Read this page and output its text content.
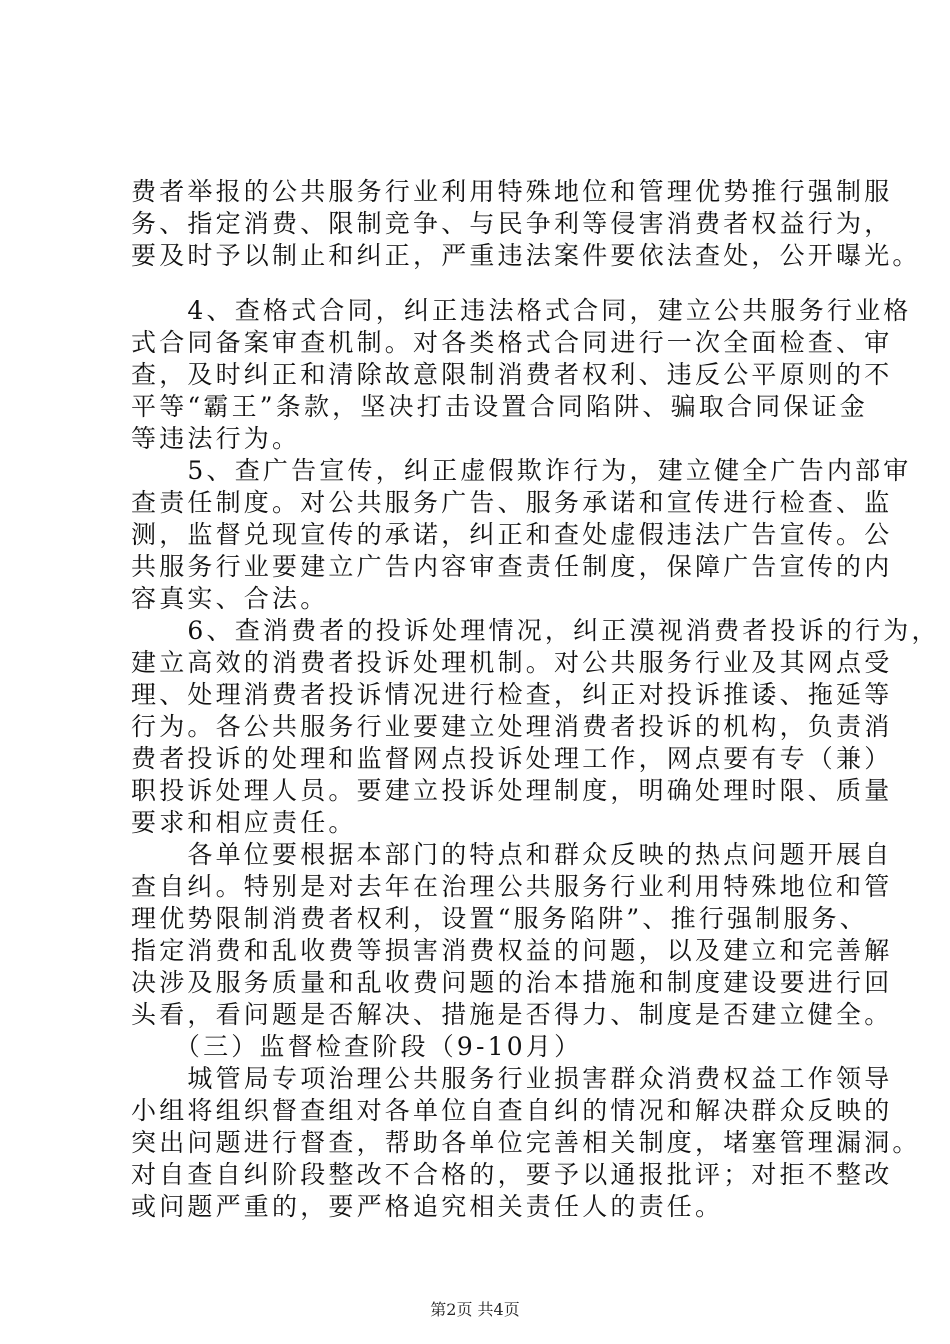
费者举报的公共服务行业利用特殊地位和管理优势推行强制服
务、指定消费、限制竞争、与民争利等侵害消费者权益行为，
要及时予以制止和纠正，严重违法案件要依法查处，公开曝光。
　　4、查格式合同，纠正违法格式合同，建立公共服务行业格
式合同备案审查机制。对各类格式合同进行一次全面检查、审
查，及时纠正和清除故意限制消费者权利、违反公平原则的不
平等“霸王”条款，坚决打击设置合同陷阱、骗取合同保证金
等违法行为。
　　5、查广告宣传，纠正虚假欺诈行为，建立健全广告内部审
查责任制度。对公共服务广告、服务承诺和宣传进行检查、监
测，监督兑现宣传的承诺，纠正和查处虚假违法广告宣传。公
共服务行业要建立广告内容审查责任制度，保障广告宣传的内
容真实、合法。
　　6、查消费者的投诉处理情况，纠正漠视消费者投诉的行为，
建立高效的消费者投诉处理机制。对公共服务行业及其网点受
理、处理消费者投诉情况进行检查，纠正对投诉推诿、拖延等
行为。各公共服务行业要建立处理消费者投诉的机构，负责消
费者投诉的处理和监督网点投诉处理工作，网点要有专（兼）
职投诉处理人员。要建立投诉处理制度，明确处理时限、质量
要求和相应责任。
　　各单位要根据本部门的特点和群众反映的热点问题开展自
查自纠。特别是对去年在治理公共服务行业利用特殊地位和管
理优势限制消费者权利，设置“服务陷阱”、推行强制服务、
指定消费和乱收费等损害消费权益的问题，以及建立和完善解
决涉及服务质量和乱收费问题的治本措施和制度建设要进行回
头看，看问题是否解决、措施是否得力、制度是否建立健全。
　　（三）监督检查阶段（9-10月）
　　城管局专项治理公共服务行业损害群众消费权益工作领导
小组将组织督查组对各单位自查自纠的情况和解决群众反映的
突出问题进行督查，帮助各单位完善相关制度，堵塞管理漏洞。
对自查自纠阶段整改不合格的，要予以通报批评；对拒不整改
或问题严重的，要严格追究相关责任人的责任。
第2页 共4页
